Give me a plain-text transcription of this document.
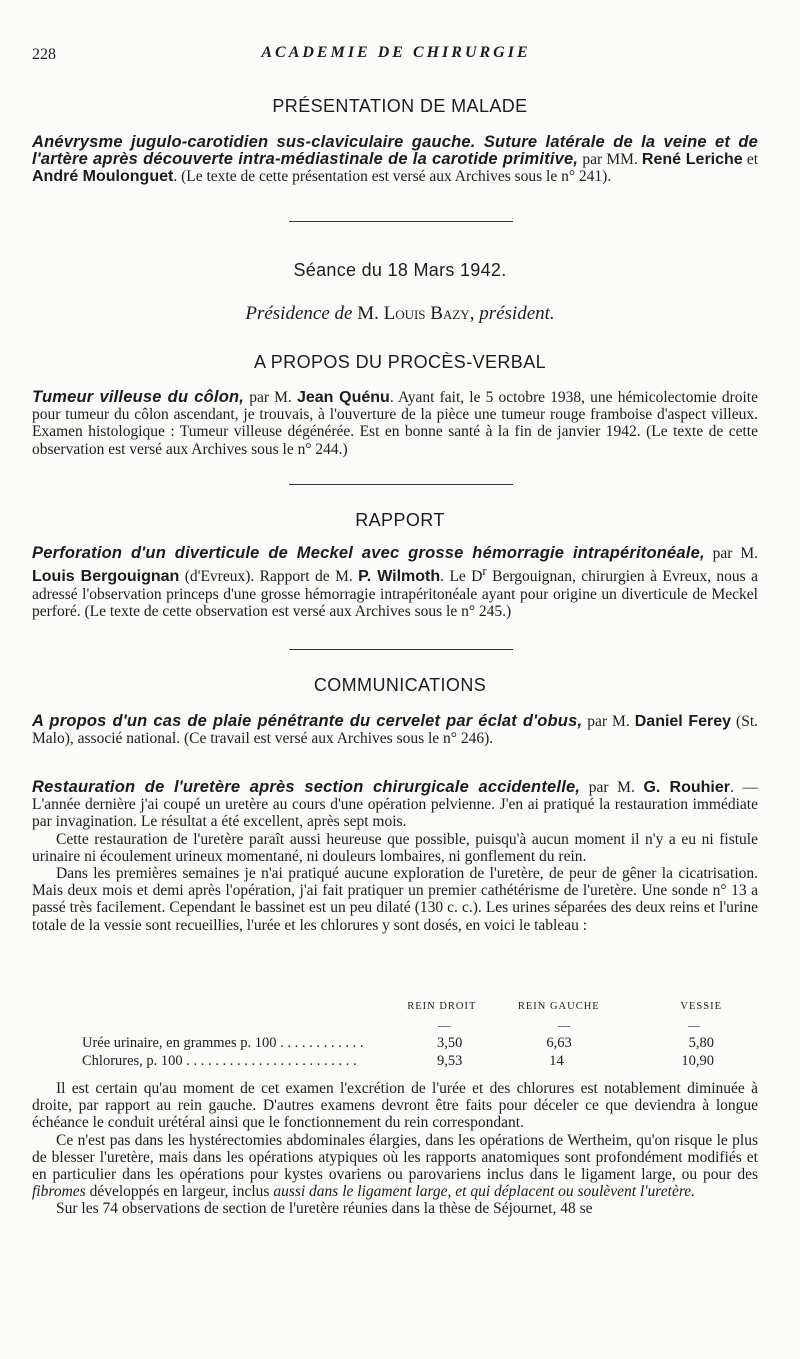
228	ACADEMIE DE CHIRURGIE
PRÉSENTATION DE MALADE

Anévrysme jugulo-carotidien sus-claviculaire gauche. Suture latérale de la veine et de l'artère après découverte intra-médiastinale de la carotide primitive, par MM. René Leriche et André Moulonguet. (Le texte de cette présentation est versé aux Archives sous le n° 241).

Séance du 18 Mars 1942.
Présidence de M. Louis Bazy, président.
A PROPOS DU PROCÈS-VERBAL

Tumeur villeuse du côlon, par M. Jean Quénu. Ayant fait, le 5 octobre 1938, une hémicolectomie droite pour tumeur du côlon ascendant, je trouvais, à l'ouverture de la pièce une tumeur rouge framboise d'aspect villeux. Examen histologique : Tumeur villeuse dégénérée. Est en bonne santé à la fin de janvier 1942. (Le texte de cette observation est versé aux Archives sous le n° 244.)

RAPPORT

Perforation d'un diverticule de Meckel avec grosse hémorragie intrapéritonéale, par M. Louis Bergouignan (d'Evreux). Rapport de M. P. Wilmoth. Le $D^r$ Bergouignan, chirurgien à Evreux, nous a adressé l'observation princeps d'une grosse hémorragie intrapéritonéale ayant pour origine un diverticule de Meckel perforé. (Le texte de cette observation est versé aux Archives sous le n° 245.)

COMMUNICATIONS

A propos d'un cas de plaie pénétrante du cervelet par éclat d'obus, par M. Daniel Ferey (St. Malo), associé national. (Ce travail est versé aux Archives sous le n° 246).

Restauration de l'uretère après section chirurgicale accidentelle, par M. G. Rouhier. — L'année dernière j'ai coupé un uretère au cours d'une opération pelvienne. J'en ai pratiqué la restauration immédiate par invagination. Le résultat a été excellent, après sept mois.

Cette restauration de l'uretère paraît aussi heureuse que possible, puisqu'à aucun moment il n'y a eu ni fistule urinaire ni écoulement urineux momentané, ni douleurs lombaires, ni gonflement du rein.

Dans les premières semaines je n'ai pratiqué aucune exploration de l'uretère, de peur de gêner la cicatrisation. Mais deux mois et demi après l'opération, j'ai fait pratiquer un premier cathétérisme de l'uretère. Une sonde n° 13 a passé très facilement. Cependant le bassinet est un peu dilaté (130 c. c.). Les urines séparées des deux reins et l'urine totale de la vessie sont recueillies, l'urée et les chlorures y sont dosés, en voici le tableau :

	REIN DROIT	REIN GAUCHE	VESSIE
	—	—	—
Urée urinaire, en grammes p. 100 . . . . . . . . . . . .	3,50	6,63	5,80
Chlorures, p. 100 . . . . . . . . . . . . . . . . . . . . . . . .	9,53	14	10,90

Il est certain qu'au moment de cet examen l'excrétion de l'urée et des chlorures est notablement diminuée à droite, par rapport au rein gauche. D'autres examens devront être faits pour déceler ce que deviendra à longue échéance le conduit urétéral ainsi que le fonctionnement du rein correspondant.

Ce n'est pas dans les hystérectomies abdominales élargies, dans les opérations de Wertheim, qu'on risque le plus de blesser l'uretère, mais dans les opérations atypiques où les rapports anatomiques sont profondément modifiés et en particulier dans les opérations pour kystes ovariens ou parovariens inclus dans le ligament large, ou pour des fibromes développés en largeur, inclus aussi dans le ligament large, et qui déplacent ou soulèvent l'uretère.

Sur les 74 observations de section de l'uretère réunies dans la thèse de Séjournet, 48 se
